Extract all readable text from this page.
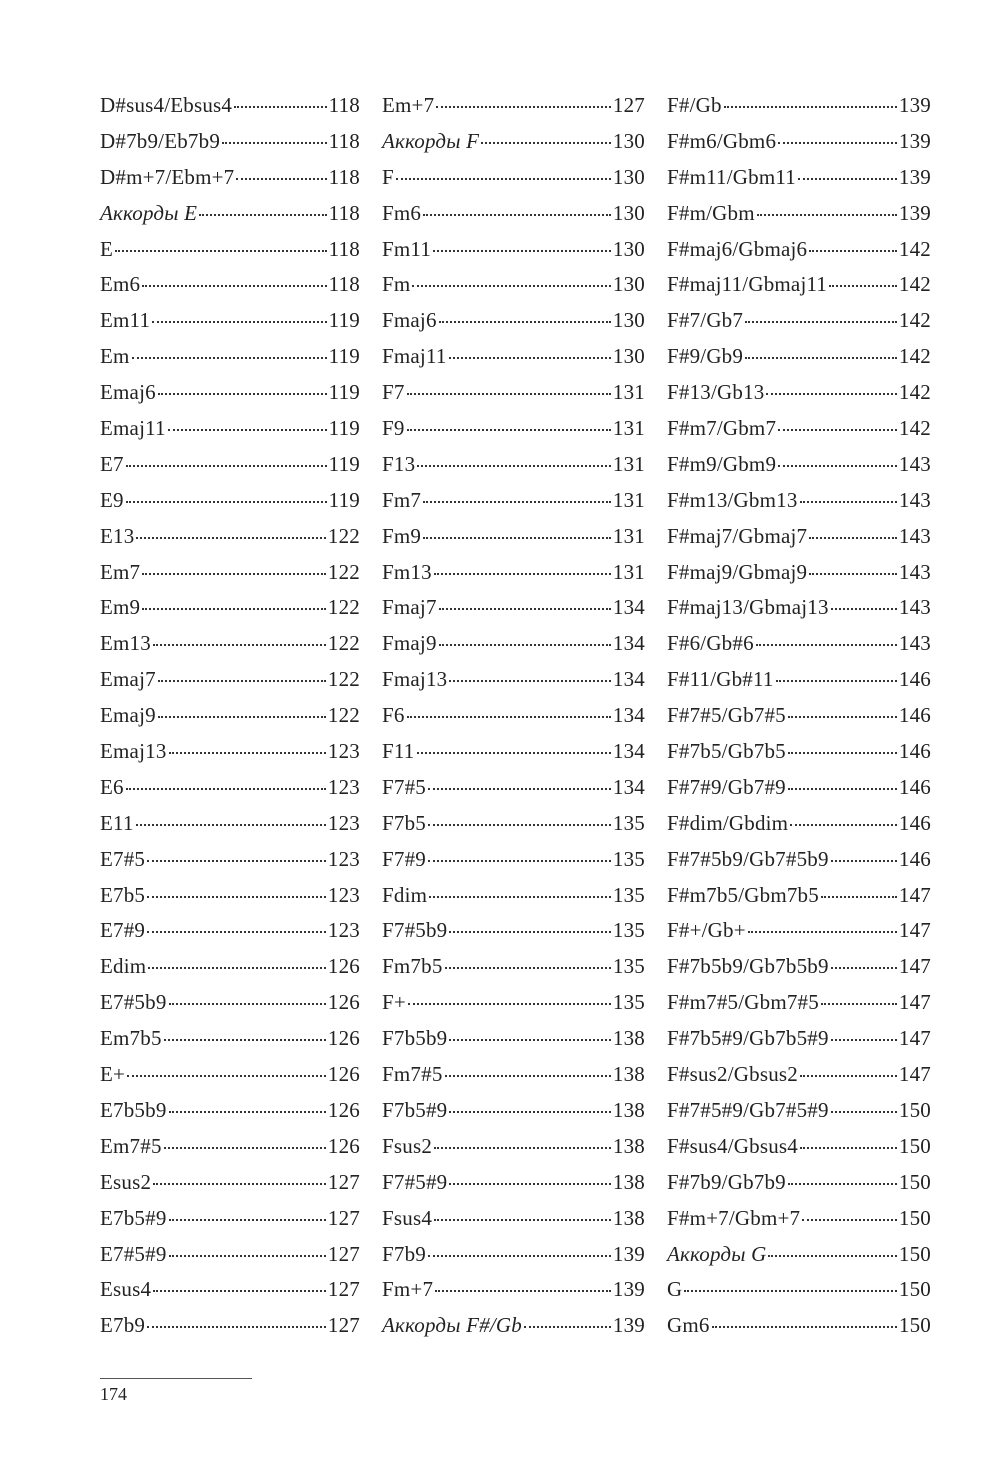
D#sus4/Ebsus4	118
D#7b9/Eb7b9	118
D#m+7/Ebm+7	118
Аккорды E	118
E	118
Em6	118
Em11	119
Em	119
Emaj6	119
Emaj11	119
E7	119
E9	119
E13	122
Em7	122
Em9	122
Em13	122
Emaj7	122
Emaj9	122
Emaj13	123
E6	123
E11	123
E7#5	123
E7b5	123
E7#9	123
Edim	126
E7#5b9	126
Em7b5	126
E+	126
E7b5b9	126
Em7#5	126
Esus2	127
E7b5#9	127
E7#5#9	127
Esus4	127
E7b9	127
Em+7	127
Аккорды F	130
F	130
Fm6	130
Fm11	130
Fm	130
Fmaj6	130
Fmaj11	130
F7	131
F9	131
F13	131
Fm7	131
Fm9	131
Fm13	131
Fmaj7	134
Fmaj9	134
Fmaj13	134
F6	134
F11	134
F7#5	134
F7b5	135
F7#9	135
Fdim	135
F7#5b9	135
Fm7b5	135
F+	135
F7b5b9	138
Fm7#5	138
F7b5#9	138
Fsus2	138
F7#5#9	138
Fsus4	138
F7b9	139
Fm+7	139
Аккорды F#/Gb	139
F#/Gb	139
F#m6/Gbm6	139
F#m11/Gbm11	139
F#m/Gbm	139
F#maj6/Gbmaj6	142
F#maj11/Gbmaj11	142
F#7/Gb7	142
F#9/Gb9	142
F#13/Gb13	142
F#m7/Gbm7	142
F#m9/Gbm9	143
F#m13/Gbm13	143
F#maj7/Gbmaj7	143
F#maj9/Gbmaj9	143
F#maj13/Gbmaj13	143
F#6/Gb#6	143
F#11/Gb#11	146
F#7#5/Gb7#5	146
F#7b5/Gb7b5	146
F#7#9/Gb7#9	146
F#dim/Gbdim	146
F#7#5b9/Gb7#5b9	146
F#m7b5/Gbm7b5	147
F#+/Gb+	147
F#7b5b9/Gb7b5b9	147
F#m7#5/Gbm7#5	147
F#7b5#9/Gb7b5#9	147
F#sus2/Gbsus2	147
F#7#5#9/Gb7#5#9	150
F#sus4/Gbsus4	150
F#7b9/Gb7b9	150
F#m+7/Gbm+7	150
Аккорды G	150
G	150
Gm6	150
174
